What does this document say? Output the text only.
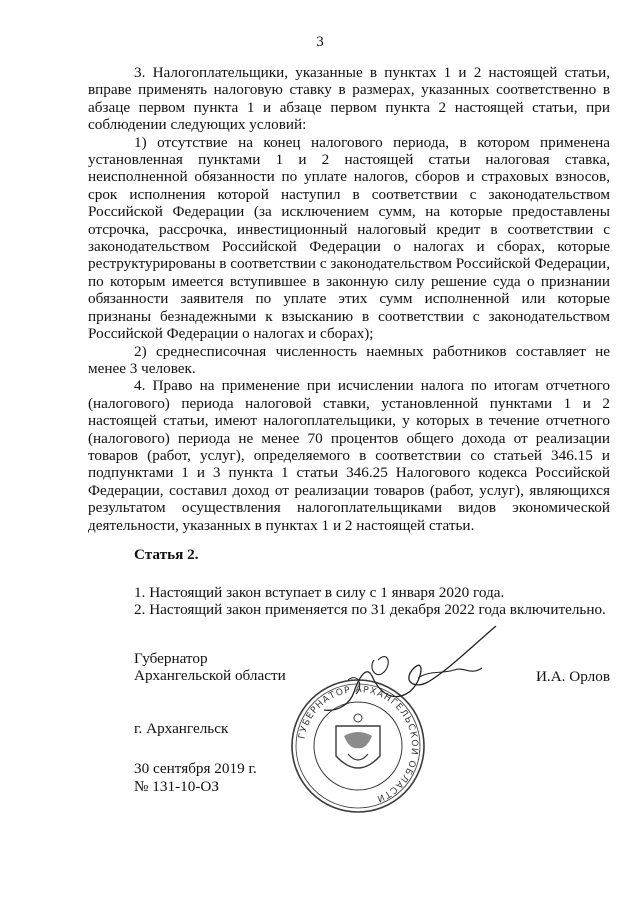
3

3. Налогоплательщики, указанные в пунктах 1 и 2 настоящей статьи, вправе применять налоговую ставку в размерах, указанных соответственно в абзаце первом пункта 1 и абзаце первом пункта 2 настоящей статьи, при соблюдении следующих условий:

1) отсутствие на конец налогового периода, в котором применена установленная пунктами 1 и 2 настоящей статьи налоговая ставка, неисполненной обязанности по уплате налогов, сборов и страховых взносов, срок исполнения которой наступил в соответствии с законодательством Российской Федерации (за исключением сумм, на которые предоставлены отсрочка, рассрочка, инвестиционный налоговый кредит в соответствии с законодательством Российской Федерации о налогах и сборах, которые реструктурированы в соответствии с законодательством Российской Федерации, по которым имеется вступившее в законную силу решение суда о признании обязанности заявителя по уплате этих сумм исполненной или которые признаны безнадежными к взысканию в соответствии с законодательством Российской Федерации о налогах и сборах);

2) среднесписочная численность наемных работников составляет не менее 3 человек.

4. Право на применение при исчислении налога по итогам отчетного (налогового) периода налоговой ставки, установленной пунктами 1 и 2 настоящей статьи, имеют налогоплательщики, у которых в течение отчетного (налогового) периода не менее 70 процентов общего дохода от реализации товаров (работ, услуг), определяемого в соответствии со статьей 346.15 и подпунктами 1 и 3 пункта 1 статьи 346.25 Налогового кодекса Российской Федерации, составил доход от реализации товаров (работ, услуг), являющихся результатом осуществления налогоплательщиками видов экономической деятельности, указанных в пунктах 1 и 2 настоящей статьи.

Статья 2.

1. Настоящий закон вступает в силу с 1 января 2020 года.

2. Настоящий закон применяется по 31 декабря 2022 года включительно.

Губернатор
Архангельской области	И.А. Орлов
ГУБЕРНАТОР АРХАНГЕЛЬСКОЙ ОБЛАСТИ
г. Архангельск
30 сентября 2019 г.
№ 131-10-ОЗ
